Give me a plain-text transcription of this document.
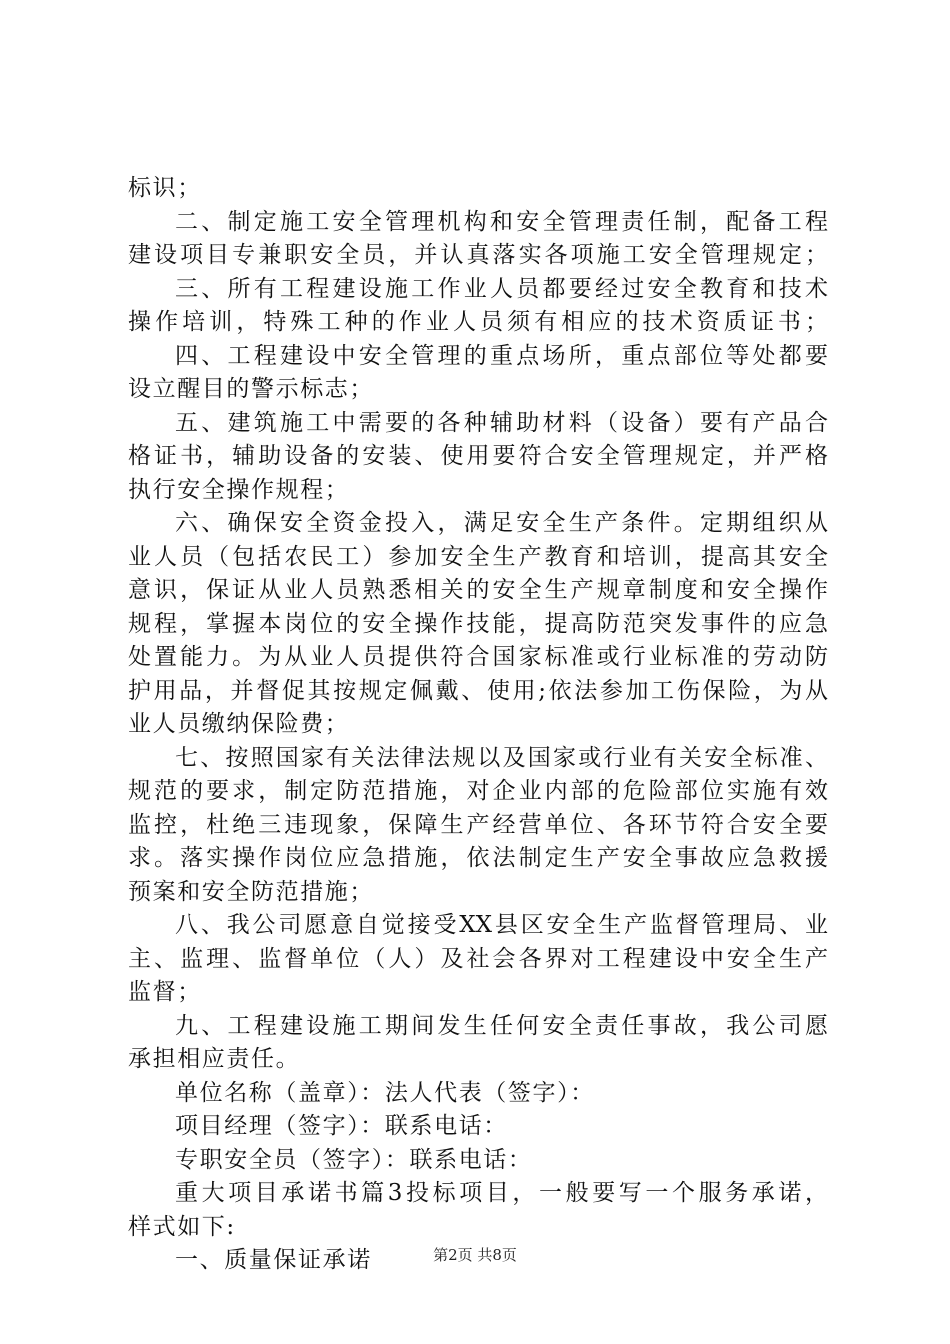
标识；
二、制定施工安全管理机构和安全管理责任制，配备工程
建设项目专兼职安全员，并认真落实各项施工安全管理规定；
三、所有工程建设施工作业人员都要经过安全教育和技术
操作培训，特殊工种的作业人员须有相应的技术资质证书；
四、工程建设中安全管理的重点场所，重点部位等处都要
设立醒目的警示标志；
五、建筑施工中需要的各种辅助材料（设备）要有产品合
格证书，辅助设备的安装、使用要符合安全管理规定，并严格
执行安全操作规程；
六、确保安全资金投入，满足安全生产条件。定期组织从
业人员（包括农民工）参加安全生产教育和培训，提高其安全
意识，保证从业人员熟悉相关的安全生产规章制度和安全操作
规程，掌握本岗位的安全操作技能，提高防范突发事件的应急
处置能力。为从业人员提供符合国家标准或行业标准的劳动防
护用品，并督促其按规定佩戴、使用;依法参加工伤保险，为从
业人员缴纳保险费；
七、按照国家有关法律法规以及国家或行业有关安全标准、
规范的要求，制定防范措施，对企业内部的危险部位实施有效
监控，杜绝三违现象，保障生产经营单位、各环节符合安全要
求。落实操作岗位应急措施，依法制定生产安全事故应急救援
预案和安全防范措施；
八、我公司愿意自觉接受XX县区安全生产监督管理局、业
主、监理、监督单位（人）及社会各界对工程建设中安全生产
监督；
九、工程建设施工期间发生任何安全责任事故，我公司愿
承担相应责任。
单位名称（盖章）：法人代表（签字）：
项目经理（签字）：联系电话：
专职安全员（签字）：联系电话：
重大项目承诺书篇3投标项目，一般要写一个服务承诺，
样式如下:
一、质量保证承诺	第2页 共8页
